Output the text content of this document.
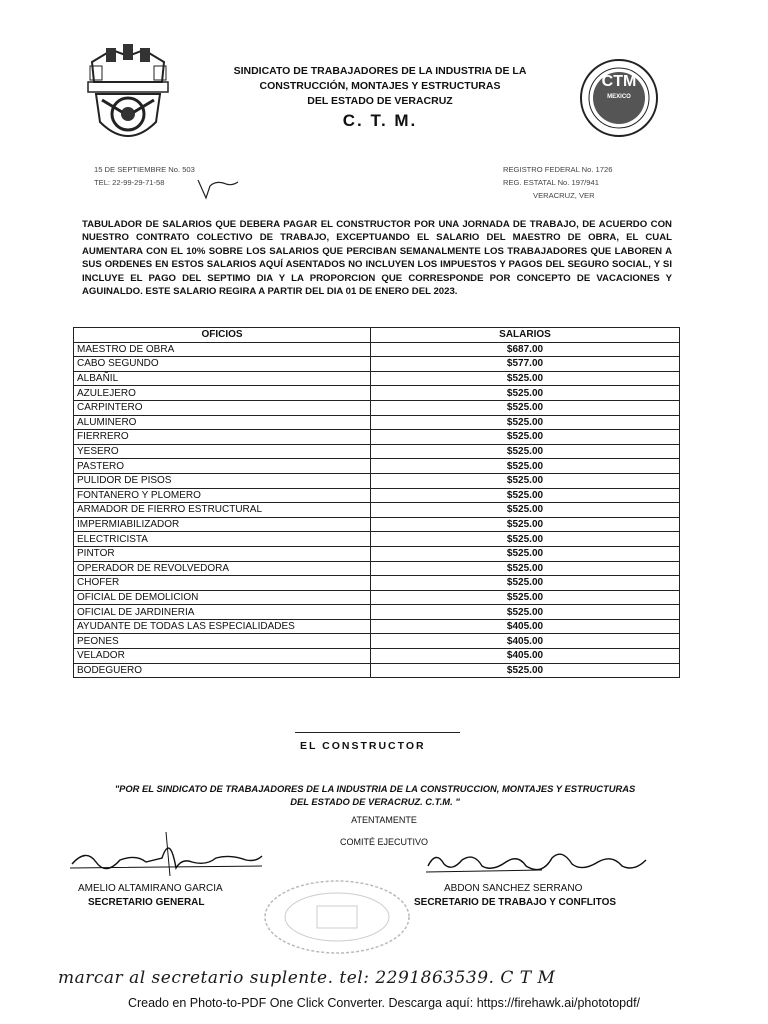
SINDICATO DE TRABAJADORES DE LA INDUSTRIA DE LA
CONSTRUCCIÓN, MONTAJES Y ESTRUCTURAS
DEL ESTADO DE VERACRUZ
C. T. M.
CTM
MEXICO
15 DE SEPTIEMBRE No. 503
TEL: 22-99-29-71-58
REGISTRO FEDERAL No. 1726
REG. ESTATAL No. 197/941
VERACRUZ, VER
TABULADOR DE SALARIOS QUE DEBERA PAGAR EL CONSTRUCTOR POR UNA JORNADA DE TRABAJO, DE ACUERDO CON NUESTRO CONTRATO COLECTIVO DE TRABAJO, EXCEPTUANDO EL SALARIO DEL MAESTRO DE OBRA, EL CUAL AUMENTARA CON EL 10% SOBRE LOS SALARIOS QUE PERCIBAN SEMANALMENTE LOS TRABAJADORES QUE LABOREN A SUS ORDENES EN ESTOS SALARIOS AQUÍ ASENTADOS NO INCLUYEN LOS IMPUESTOS Y PAGOS DEL SEGURO SOCIAL, Y SI INCLUYE EL PAGO DEL SEPTIMO DIA Y LA PROPORCION QUE CORRESPONDE POR CONCEPTO DE VACACIONES Y AGUINALDO. ESTE SALARIO REGIRA A PARTIR DEL DIA 01 DE ENERO DEL 2023.
OFICIOS	SALARIOS
MAESTRO DE OBRA	$687.00
CABO SEGUNDO	$577.00
ALBAÑIL	$525.00
AZULEJERO	$525.00
CARPINTERO	$525.00
ALUMINERO	$525.00
FIERRERO	$525.00
YESERO	$525.00
PASTERO	$525.00
PULIDOR DE PISOS	$525.00
FONTANERO Y PLOMERO	$525.00
ARMADOR DE FIERRO ESTRUCTURAL	$525.00
IMPERMIABILIZADOR	$525.00
ELECTRICISTA	$525.00
PINTOR	$525.00
OPERADOR DE REVOLVEDORA	$525.00
CHOFER	$525.00
OFICIAL DE DEMOLICION	$525.00
OFICIAL DE JARDINERIA	$525.00
AYUDANTE DE TODAS LAS ESPECIALIDADES	$405.00
PEONES	$405.00
VELADOR	$405.00
BODEGUERO	$525.00
EL CONSTRUCTOR
"POR EL SINDICATO DE TRABAJADORES DE LA INDUSTRIA DE LA CONSTRUCCION, MONTAJES Y ESTRUCTURAS DEL ESTADO DE VERACRUZ. C.T.M. "
ATENTAMENTE
COMITÉ EJECUTIVO
AMELIO ALTAMIRANO GARCIA
SECRETARIO GENERAL
ABDON SANCHEZ SERRANO
SECRETARIO DE TRABAJO Y CONFLITOS
marcar al secretario suplente. tel: 2291863539. C T M
Creado en Photo-to-PDF One Click Converter. Descarga aquí: https://firehawk.ai/phototopdf/
